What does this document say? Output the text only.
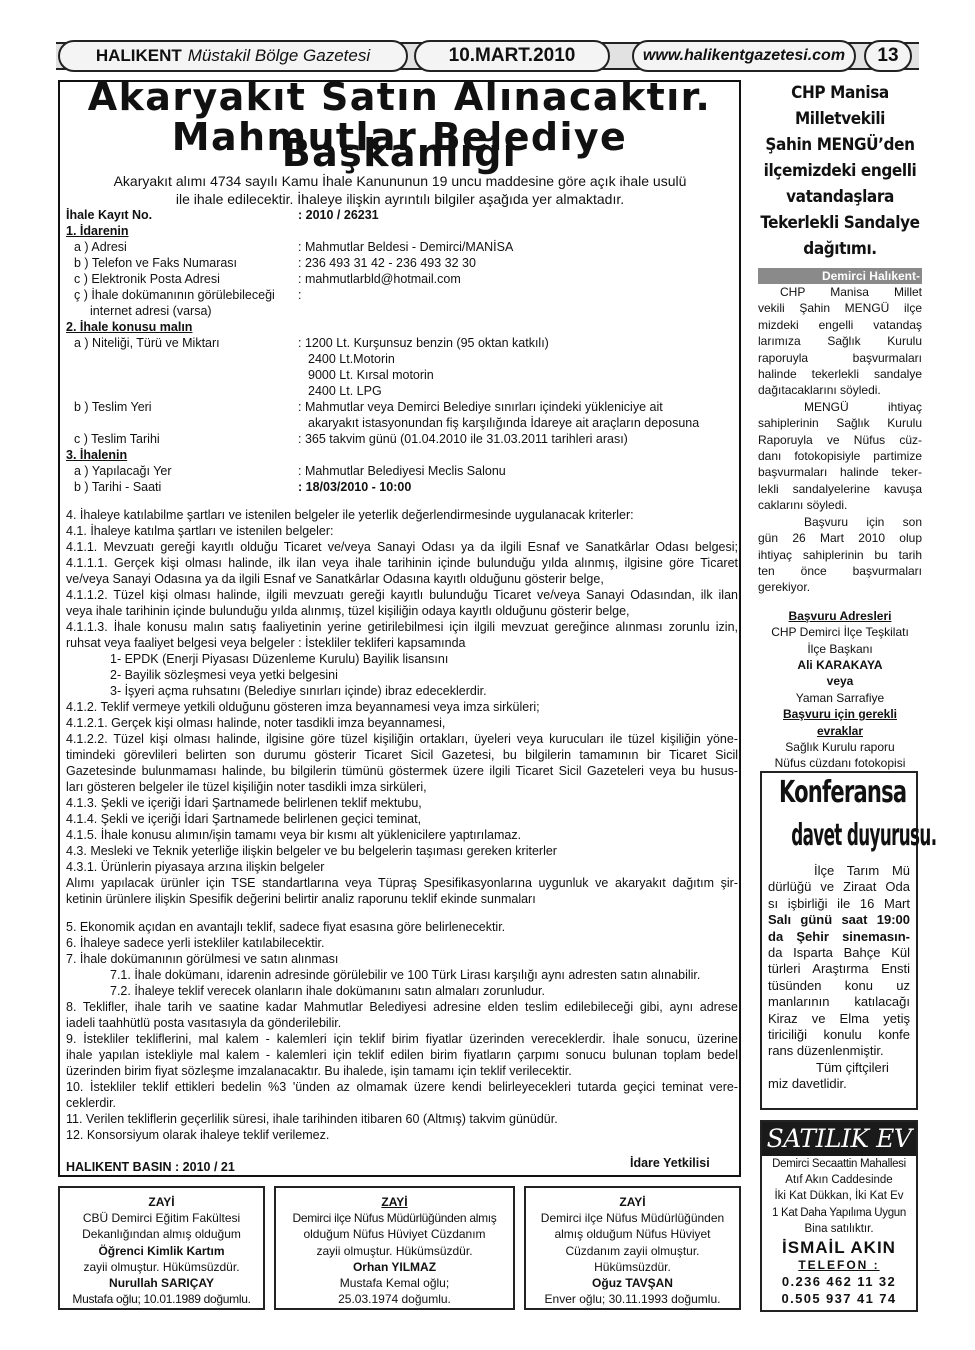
HALIKENT Müstakil Bölge Gazetesi	10.MART.2010	www.halikentgazetesi.com	13
Akaryakıt Satın Alınacaktır.
Mahmutlar Belediye Başkanlığı
Akaryakıt alımı 4734 sayılı Kamu İhale Kanununun 19 uncu maddesine göre açık ihale usulü
ile ihale edilecektir. İhaleye ilişkin ayrıntılı bilgiler aşağıda yer almaktadır.
İhale Kayıt No.	: 2010 / 26231
1. İdarenin
a ) Adresi	: Mahmutlar Beldesi - Demirci/MANİSA
b ) Telefon ve Faks Numarası	: 236 493 31 42 - 236 493 32 30
c ) Elektronik Posta Adresi	: mahmutlarbld@hotmail.com
ç ) İhale dokümanının görülebileceği :
internet adresi (varsa)
2. İhale konusu malın
a ) Niteliği, Türü ve Miktarı	: 1200 Lt. Kurşunsuz benzin (95 oktan katkılı)
2400 Lt.Motorin
9000 Lt. Kırsal motorin
2400 Lt. LPG
b ) Teslim Yeri	: Mahmutlar veya Demirci Belediye sınırları içindeki yükleniciye ait
akaryakıt istasyonundan fiş karşılığında İdareye ait araçların deposuna
c ) Teslim Tarihi	: 365 takvim günü (01.04.2010 ile 31.03.2011 tarihleri arası)
3. İhalenin
a ) Yapılacağı Yer	: Mahmutlar Belediyesi Meclis Salonu
b ) Tarihi - Saati	: 18/03/2010 - 10:00
4. İhaleye katılabilme şartları ve istenilen belgeler ile yeterlik değerlendirmesinde uygulanacak kriterler:
4.1. İhaleye katılma şartları ve istenilen belgeler:
4.1.1. Mevzuatı gereği kayıtlı olduğu Ticaret ve/veya Sanayi Odası ya da ilgili Esnaf ve Sanatkârlar Odası belgesi;
4.1.1.1. Gerçek kişi olması halinde, ilk ilan veya ihale tarihinin içinde bulunduğu yılda alınmış, ilgisine göre Ticaret
ve/veya Sanayi Odasına ya da ilgili Esnaf ve Sanatkârlar Odasına kayıtlı olduğunu gösterir belge,
4.1.1.2. Tüzel kişi olması halinde, ilgili mevzuatı gereği kayıtlı bulunduğu Ticaret ve/veya Sanayi Odasından, ilk ilan
veya ihale tarihinin içinde bulunduğu yılda alınmış, tüzel kişiliğin odaya kayıtlı olduğunu gösterir belge,
4.1.1.3. İhale konusu malın satış faaliyetinin yerine getirilebilmesi için ilgili mevzuat gereğince alınması zorunlu izin,
ruhsat veya faaliyet belgesi veya belgeler : İstekliler tekliferi kapsamında
1- EPDK (Enerji Piyasası Düzenleme Kurulu) Bayilik lisansını
2- Bayilik sözleşmesi veya yetki belgesini
3- İşyeri açma ruhsatını (Belediye sınırları içinde) ibraz edeceklerdir.
4.1.2. Teklif vermeye yetkili olduğunu gösteren imza beyannamesi veya imza sirküleri;
4.1.2.1. Gerçek kişi olması halinde, noter tasdikli imza beyannamesi,
4.1.2.2. Tüzel kişi olması halinde, ilgisine göre tüzel kişiliğin ortakları, üyeleri veya kurucuları ile tüzel kişiliğin yöne-
timindeki görevlileri belirten son durumu gösterir Ticaret Sicil Gazetesi, bu bilgilerin tamamının bir Ticaret Sicil
Gazetesinde bulunmaması halinde, bu bilgilerin tümünü göstermek üzere ilgili Ticaret Sicil Gazeteleri veya bu husus-
ları gösteren belgeler ile tüzel kişiliğin noter tasdikli imza sirküleri,
4.1.3. Şekli ve içeriği İdari Şartnamede belirlenen teklif mektubu,
4.1.4. Şekli ve içeriği İdari Şartnamede belirlenen geçici teminat,
4.1.5. İhale konusu alımın/işin tamamı veya bir kısmı alt yüklenicilere yaptırılamaz.
4.3. Mesleki ve Teknik yeterliğe ilişkin belgeler ve bu belgelerin taşıması gereken kriterler
4.3.1. Ürünlerin piyasaya arzına ilişkin belgeler
Alımı yapılacak ürünler için TSE standartlarına veya Tüpraş Spesifikasyonlarına uygunluk ve akaryakıt dağıtım şir-
ketinin ürünlere ilişkin Spesifik değerini belirtir analiz raporunu teklif ekinde sunmaları
5. Ekonomik açıdan en avantajlı teklif, sadece fiyat esasına göre belirlenecektir.
6. İhaleye sadece yerli istekliler katılabilecektir.
7. İhale dokümanının görülmesi ve satın alınması
7.1. İhale dokümanı, idarenin adresinde görülebilir ve 100 Türk Lirası karşılığı aynı adresten satın alınabilir.
7.2. İhaleye teklif verecek olanların ihale dokümanını satın almaları zorunludur.
8. Teklifler, ihale tarih ve saatine kadar Mahmutlar Belediyesi adresine elden teslim edilebileceği gibi, aynı adrese
iadeli taahhütlü posta vasıtasıyla da gönderilebilir.
9. İstekliler tekliflerini, mal kalem - kalemleri için teklif birim fiyatlar üzerinden vereceklerdir. İhale sonucu, üzerine
ihale yapılan istekliyle mal kalem - kalemleri için teklif edilen birim fiyatların çarpımı sonucu bulunan toplam bedel
üzerinden birim fiyat sözleşme imzalanacaktır. Bu ihalede, işin tamamı için teklif verilecektir.
10. İstekliler teklif ettikleri bedelin %3 'ünden az olmamak üzere kendi belirleyecekleri tutarda geçici teminat vere-
ceklerdir.
11. Verilen tekliflerin geçerlilik süresi, ihale tarihinden itibaren 60 (Altmış) takvim günüdür.
12. Konsorsiyum olarak ihaleye teklif verilemez.
HALIKENT BASIN : 2010 / 21	İdare Yetkilisi
CHP Manisa
Milletvekili
Şahin MENGÜ’den
ilçemizdeki engelli
vatandaşlara
Tekerlekli Sandalye
dağıtımı.
Demirci Halıkent-
CHP Manisa Millet
vekili Şahin MENGÜ ilçe
mizdeki engelli vatandaş
larımıza Sağlık Kurulu
raporuyla başvurmaları
halinde tekerlekli sandalye
dağıtacaklarını söyledi.
MENGÜ ihtiyaç
sahiplerinin Sağlık Kurulu
Raporuyla ve Nüfus cüz-
danı fotokopisiyle partimize
başvurmaları halinde teker-
lekli sandalyelerine kavuşa
caklarını söyledi.
Başvuru için son
gün 26 Mart 2010 olup
ihtiyaç sahiplerinin bu tarih
ten önce başvurmaları
gerekiyor.
Başvuru Adresleri
CHP Demirci İlçe Teşkilatı
İlçe Başkanı
Ali KARAKAYA
veya
Yaman Sarrafiye
Başvuru için gerekli evraklar
Sağlık Kurulu raporu
Nüfus cüzdanı fotokopisi
Konferansa
davet duyurusu.
İlçe Tarım Mü
dürlüğü ve Ziraat Oda
sı işbirliği ile 16 Mart
Salı günü saat 19:00
da Şehir sinemasın-
da Isparta Bahçe Kül
türleri Araştırma Ensti
tüsünden konu uz
manlarının katılacağı
Kiraz ve Elma yetiş
tiriciliği konulu konfe
rans düzenlenmiştir.
Tüm çiftçileri
miz davetlidir.
SATILIK EV
Demirci Secaattin Mahallesi
Atıf Akın Caddesinde
İki Kat Dükkan, İki Kat Ev
1 Kat Daha Yapılıma Uygun
Bina satılıktır.
İSMAİL AKIN
TELEFON :
0.236 462 11 32
0.505 937 41 74
ZAYİ
CBÜ Demirci Eğitim Fakültesi
Dekanlığından almış olduğum
Öğrenci Kimlik Kartım
zayii olmuştur. Hükümsüzdür.
Nurullah SARIÇAY
Mustafa oğlu; 10.01.1989 doğumlu.
ZAYİ
Demirci ilçe Nüfus Müdürlüğünden almış
olduğum Nüfus Hüviyet Cüzdanım
zayii olmuştur. Hükümsüzdür.
Orhan YILMAZ
Mustafa Kemal oğlu;
25.03.1974 doğumlu.
ZAYİ
Demirci ilçe Nüfus Müdürlüğünden
almış olduğum Nüfus Hüviyet
Cüzdanım zayii olmuştur.
Hükümsüzdür.
Oğuz TAVŞAN
Enver oğlu; 30.11.1993 doğumlu.
